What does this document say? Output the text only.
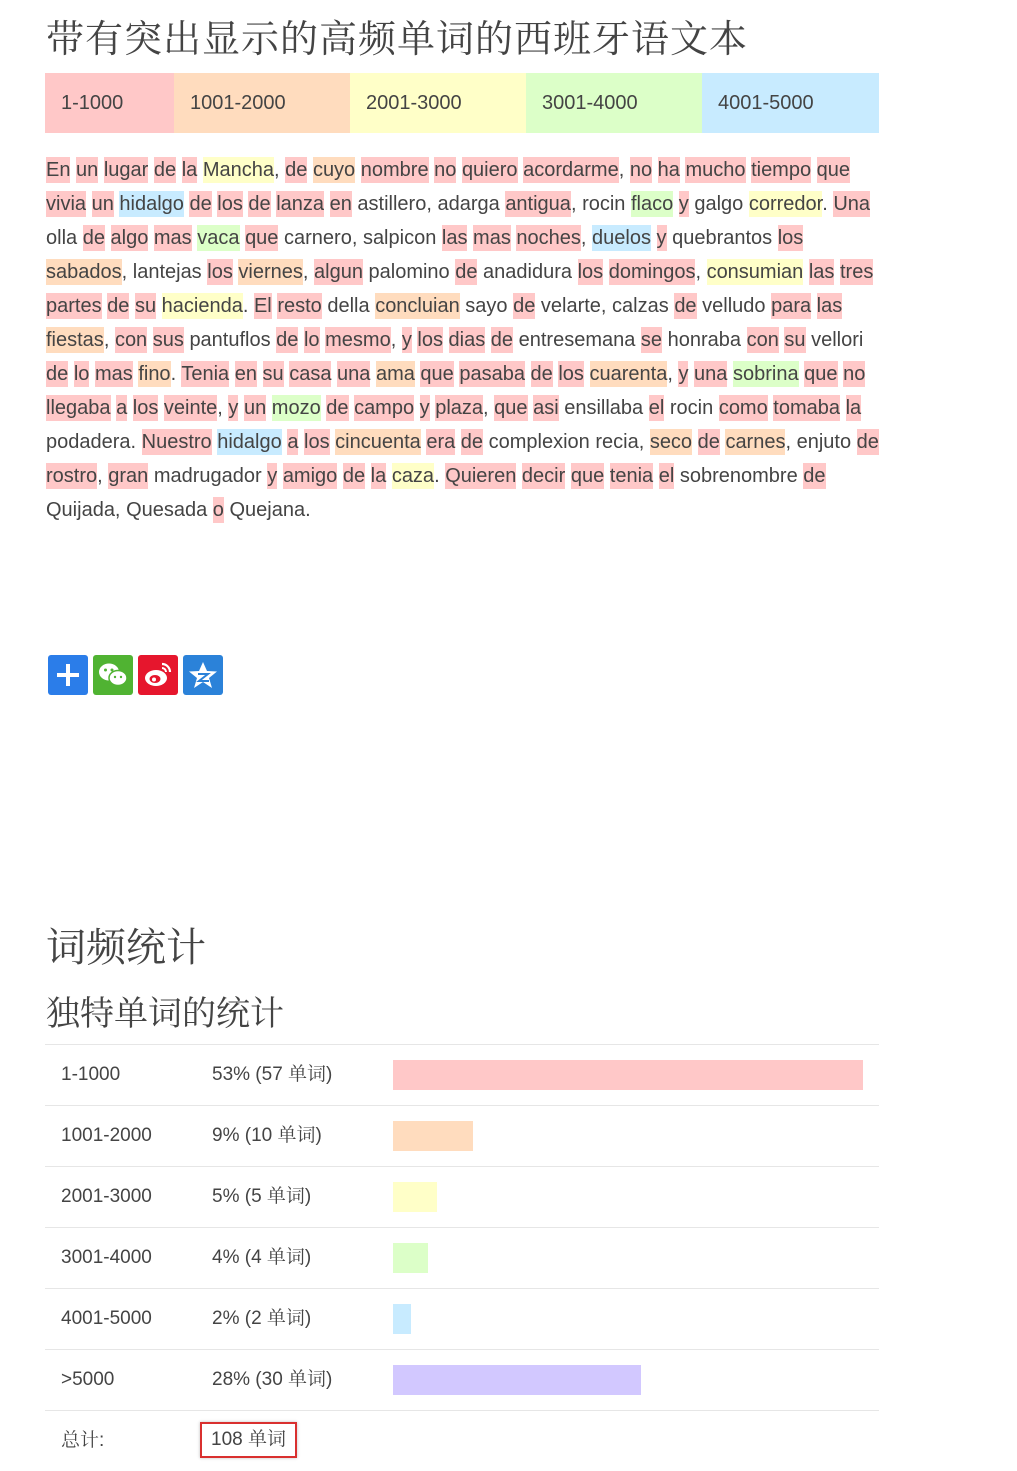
带有突出显示的高频单词的西班牙语文本
1-1000	1001-2000	2001-3000	3001-4000	4001-5000
En un lugar de la Mancha, de cuyo nombre no quiero acordarme, no ha mucho tiempo que vivia un hidalgo de los de lanza en astillero, adarga antigua, rocin flaco y galgo corredor. Una olla de algo mas vaca que carnero, salpicon las mas noches, duelos y quebrantos los sabados, lantejas los viernes, algun palomino de anadidura los domingos, consumian las tres partes de su hacienda. El resto della concluian sayo de velarte, calzas de velludo para las fiestas, con sus pantuflos de lo mesmo, y los dias de entresemana se honraba con su vellori de lo mas fino. Tenia en su casa una ama que pasaba de los cuarenta, y una sobrina que no llegaba a los veinte, y un mozo de campo y plaza, que asi ensillaba el rocin como tomaba la podadera. Nuestro hidalgo a los cincuenta era de complexion recia, seco de carnes, enjuto de rostro, gran madrugador y amigo de la caza. Quieren decir que tenia el sobrenombre de Quijada, Quesada o Quejana.
词频统计
独特单词的统计
1-1000	53% (57 单词)
1001-2000	9% (10 单词)
2001-3000	5% (5 单词)
3001-4000	4% (4 单词)
4001-5000	2% (2 单词)
>5000	28% (30 单词)
总计:	108 单词
